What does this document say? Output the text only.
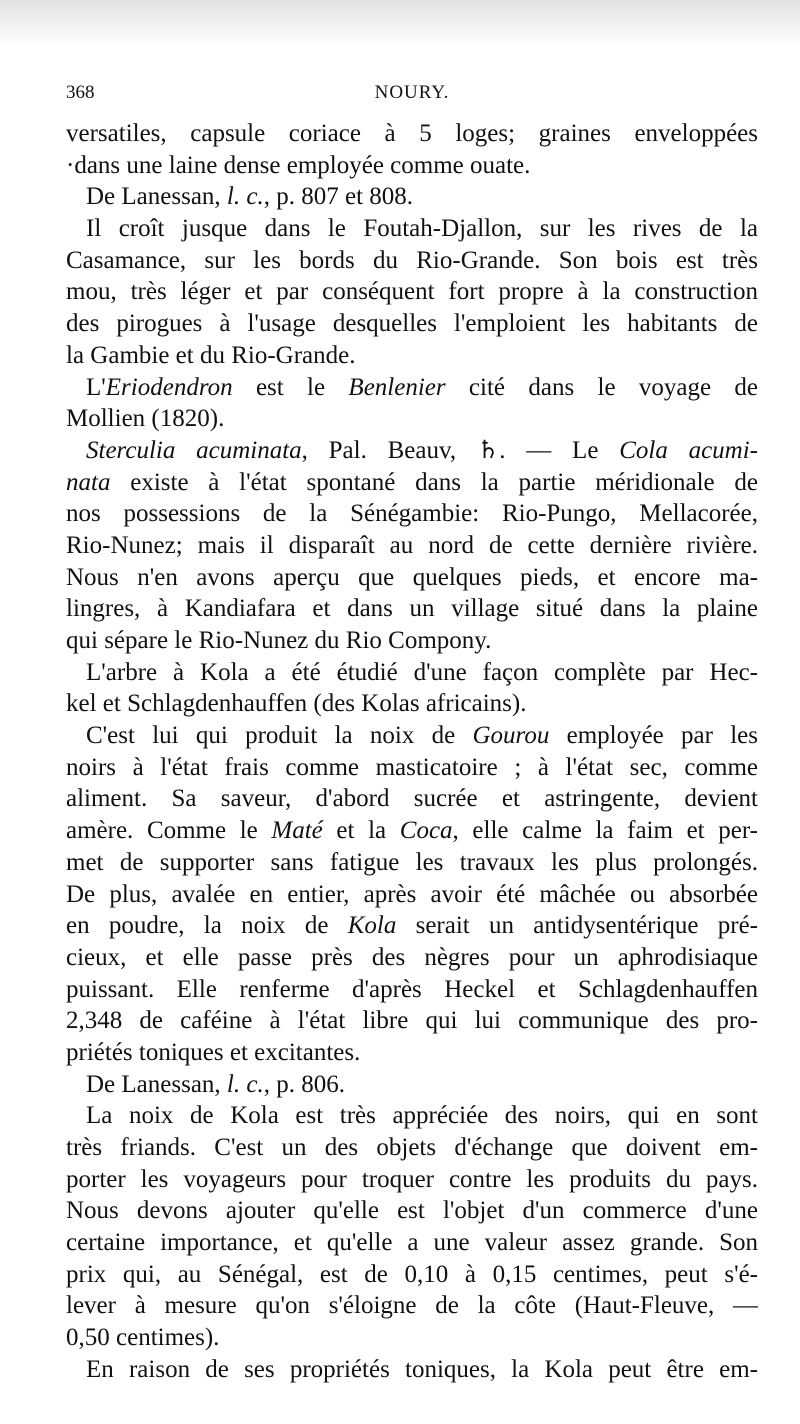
368	NOURY.
versatiles, capsule coriace à 5 loges; graines enveloppées
·dans une laine dense employée comme ouate.
De Lanessan, l. c., p. 807 et 808.
Il croît jusque dans le Foutah-Djallon, sur les rives de la
Casamance, sur les bords du Rio-Grande. Son bois est très
mou, très léger et par conséquent fort propre à la construction
des pirogues à l'usage desquelles l'emploient les habitants de
la Gambie et du Rio-Grande.
L'Eriodendron est le Benlenier cité dans le voyage de
Mollien (1820).
Sterculia acuminata, Pal. Beauv, ♄. — Le Cola acumi-
nata existe à l'état spontané dans la partie méridionale de
nos possessions de la Sénégambie: Rio-Pungo, Mellacorée,
Rio-Nunez; mais il disparaît au nord de cette dernière rivière.
Nous n'en avons aperçu que quelques pieds, et encore ma-
lingres, à Kandiafara et dans un village situé dans la plaine
qui sépare le Rio-Nunez du Rio Compony.
L'arbre à Kola a été étudié d'une façon complète par Hec-
kel et Schlagdenhauffen (des Kolas africains).
C'est lui qui produit la noix de Gourou employée par les
noirs à l'état frais comme masticatoire ; à l'état sec, comme
aliment. Sa saveur, d'abord sucrée et astringente, devient
amère. Comme le Maté et la Coca, elle calme la faim et per-
met de supporter sans fatigue les travaux les plus prolongés.
De plus, avalée en entier, après avoir été mâchée ou absorbée
en poudre, la noix de Kola serait un antidysentérique pré-
cieux, et elle passe près des nègres pour un aphrodisiaque
puissant. Elle renferme d'après Heckel et Schlagdenhauffen
2,348 de caféine à l'état libre qui lui communique des pro-
priétés toniques et excitantes.
De Lanessan, l. c., p. 806.
La noix de Kola est très appréciée des noirs, qui en sont
très friands. C'est un des objets d'échange que doivent em-
porter les voyageurs pour troquer contre les produits du pays.
Nous devons ajouter qu'elle est l'objet d'un commerce d'une
certaine importance, et qu'elle a une valeur assez grande. Son
prix qui, au Sénégal, est de 0,10 à 0,15 centimes, peut s'é-
lever à mesure qu'on s'éloigne de la côte (Haut-Fleuve, —
0,50 centimes).
En raison de ses propriétés toniques, la Kola peut être em-
